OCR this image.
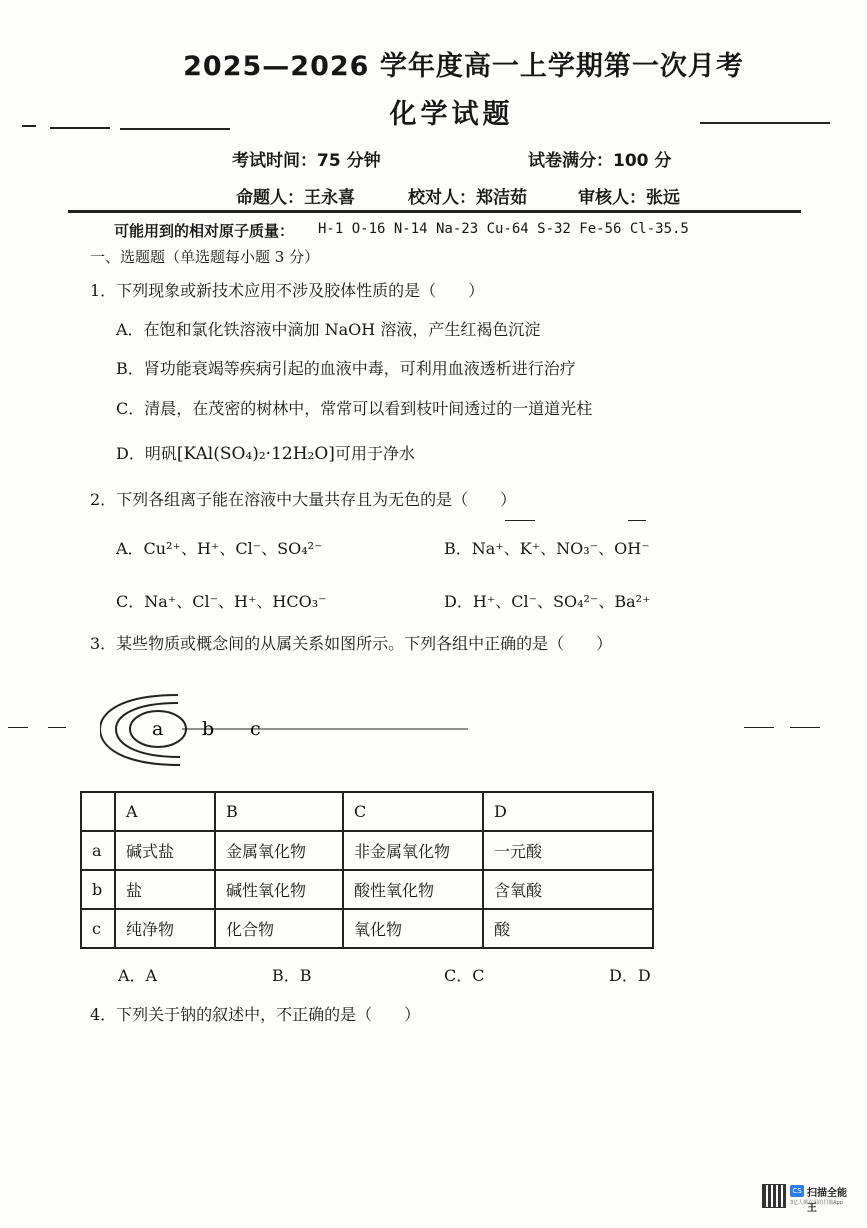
2025—2026 学年度高一上学期第一次月考
化学试题
考试时间：75 分钟	试卷满分：100 分
命题人：王永喜	校对人：郑洁茹	审核人：张远
可能用到的相对原子质量： H-1 O-16 N-14 Na-23 Cu-64 S-32 Fe-56 Cl-35.5
一、选题题（单选题每小题 3 分）
1．下列现象或新技术应用不涉及胶体性质的是（　　）
A．在饱和氯化铁溶液中滴加 NaOH 溶液，产生红褐色沉淀
B．肾功能衰竭等疾病引起的血液中毒，可利用血液透析进行治疗
C．清晨，在茂密的树林中，常常可以看到枝叶间透过的一道道光柱
D．明矾[KAl(SO₄)₂·12H₂O]可用于净水
2．下列各组离子能在溶液中大量共存且为无色的是（　　）
A．Cu²⁺、H⁺、Cl⁻、SO₄²⁻	B．Na⁺、K⁺、NO₃⁻、OH⁻
C．Na⁺、Cl⁻、H⁺、HCO₃⁻	D．H⁺、Cl⁻、SO₄²⁻、Ba²⁺
3．某些物质或概念间的从属关系如图所示。下列各组中正确的是（　　）
a b c
	A	B	C	D
a	碱式盐	金属氧化物	非金属氧化物	一元酸
b	盐	碱性氧化物	酸性氧化物	含氧酸
c	纯净物	化合物	氧化物	酸
A．A	B．B	C．C	D．D
4．下列关于钠的叙述中，不正确的是（　　）
CS 扫描全能王
3亿人都在用的扫描App
